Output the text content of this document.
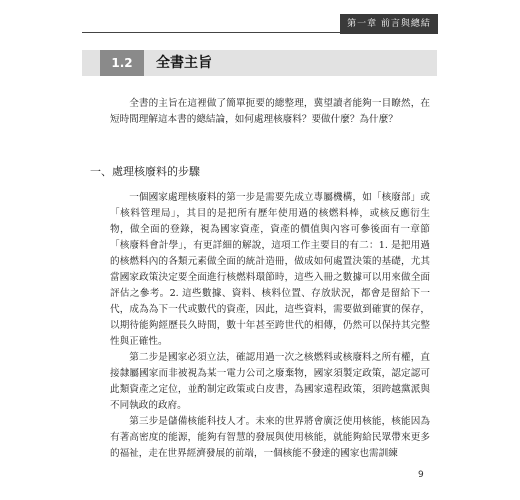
第一章 前言與總結
1.2	全書主旨

全書的主旨在這裡做了簡單扼要的總整理，冀望讀者能夠一目瞭然，在短時間理解這本書的總結論，如何處理核廢料？要做什麼？為什麼？

一、處理核廢料的步驟

一個國家處理核廢料的第一步是需要先成立專屬機構，如「核廢部」或「核料管理局」，其目的是把所有歷年使用過的核燃料棒，或核反應衍生物，做全面的登錄，視為國家資產，資產的價值與內容可參後面有一章節「核廢料會計學」，有更詳細的解說，這項工作主要目的有二：1. 是把用過的核燃料內的各類元素做全面的統計造冊，做成如何處置決策的基礎，尤其當國家政策決定要全面進行核燃料環節時，這些入冊之數據可以用來做全面評估之參考。2. 這些數據、資料、核料位置、存放狀況，都會是留給下一代，成為為下一代或數代的資產，因此，這些資料，需要做到確實的保存，以期待能夠經歷長久時間，數十年甚至跨世代的相傳，仍然可以保持其完整性與正確性。

第二步是國家必須立法，確認用過一次之核燃料或核廢料之所有權，直接隸屬國家而非被視為某一電力公司之廢棄物，國家須製定政策，認定認可此類資產之定位，並酌制定政策或白皮書，為國家遠程政策，須跨越黨派與不同執政的政府。

第三步是儲備核能科技人才。未來的世界將會廣泛使用核能，核能因為有著高密度的能源，能夠有智慧的發展與使用核能，就能夠給民眾帶來更多的福祉，走在世界經濟發展的前端，一個核能不發達的國家也需訓練

9
